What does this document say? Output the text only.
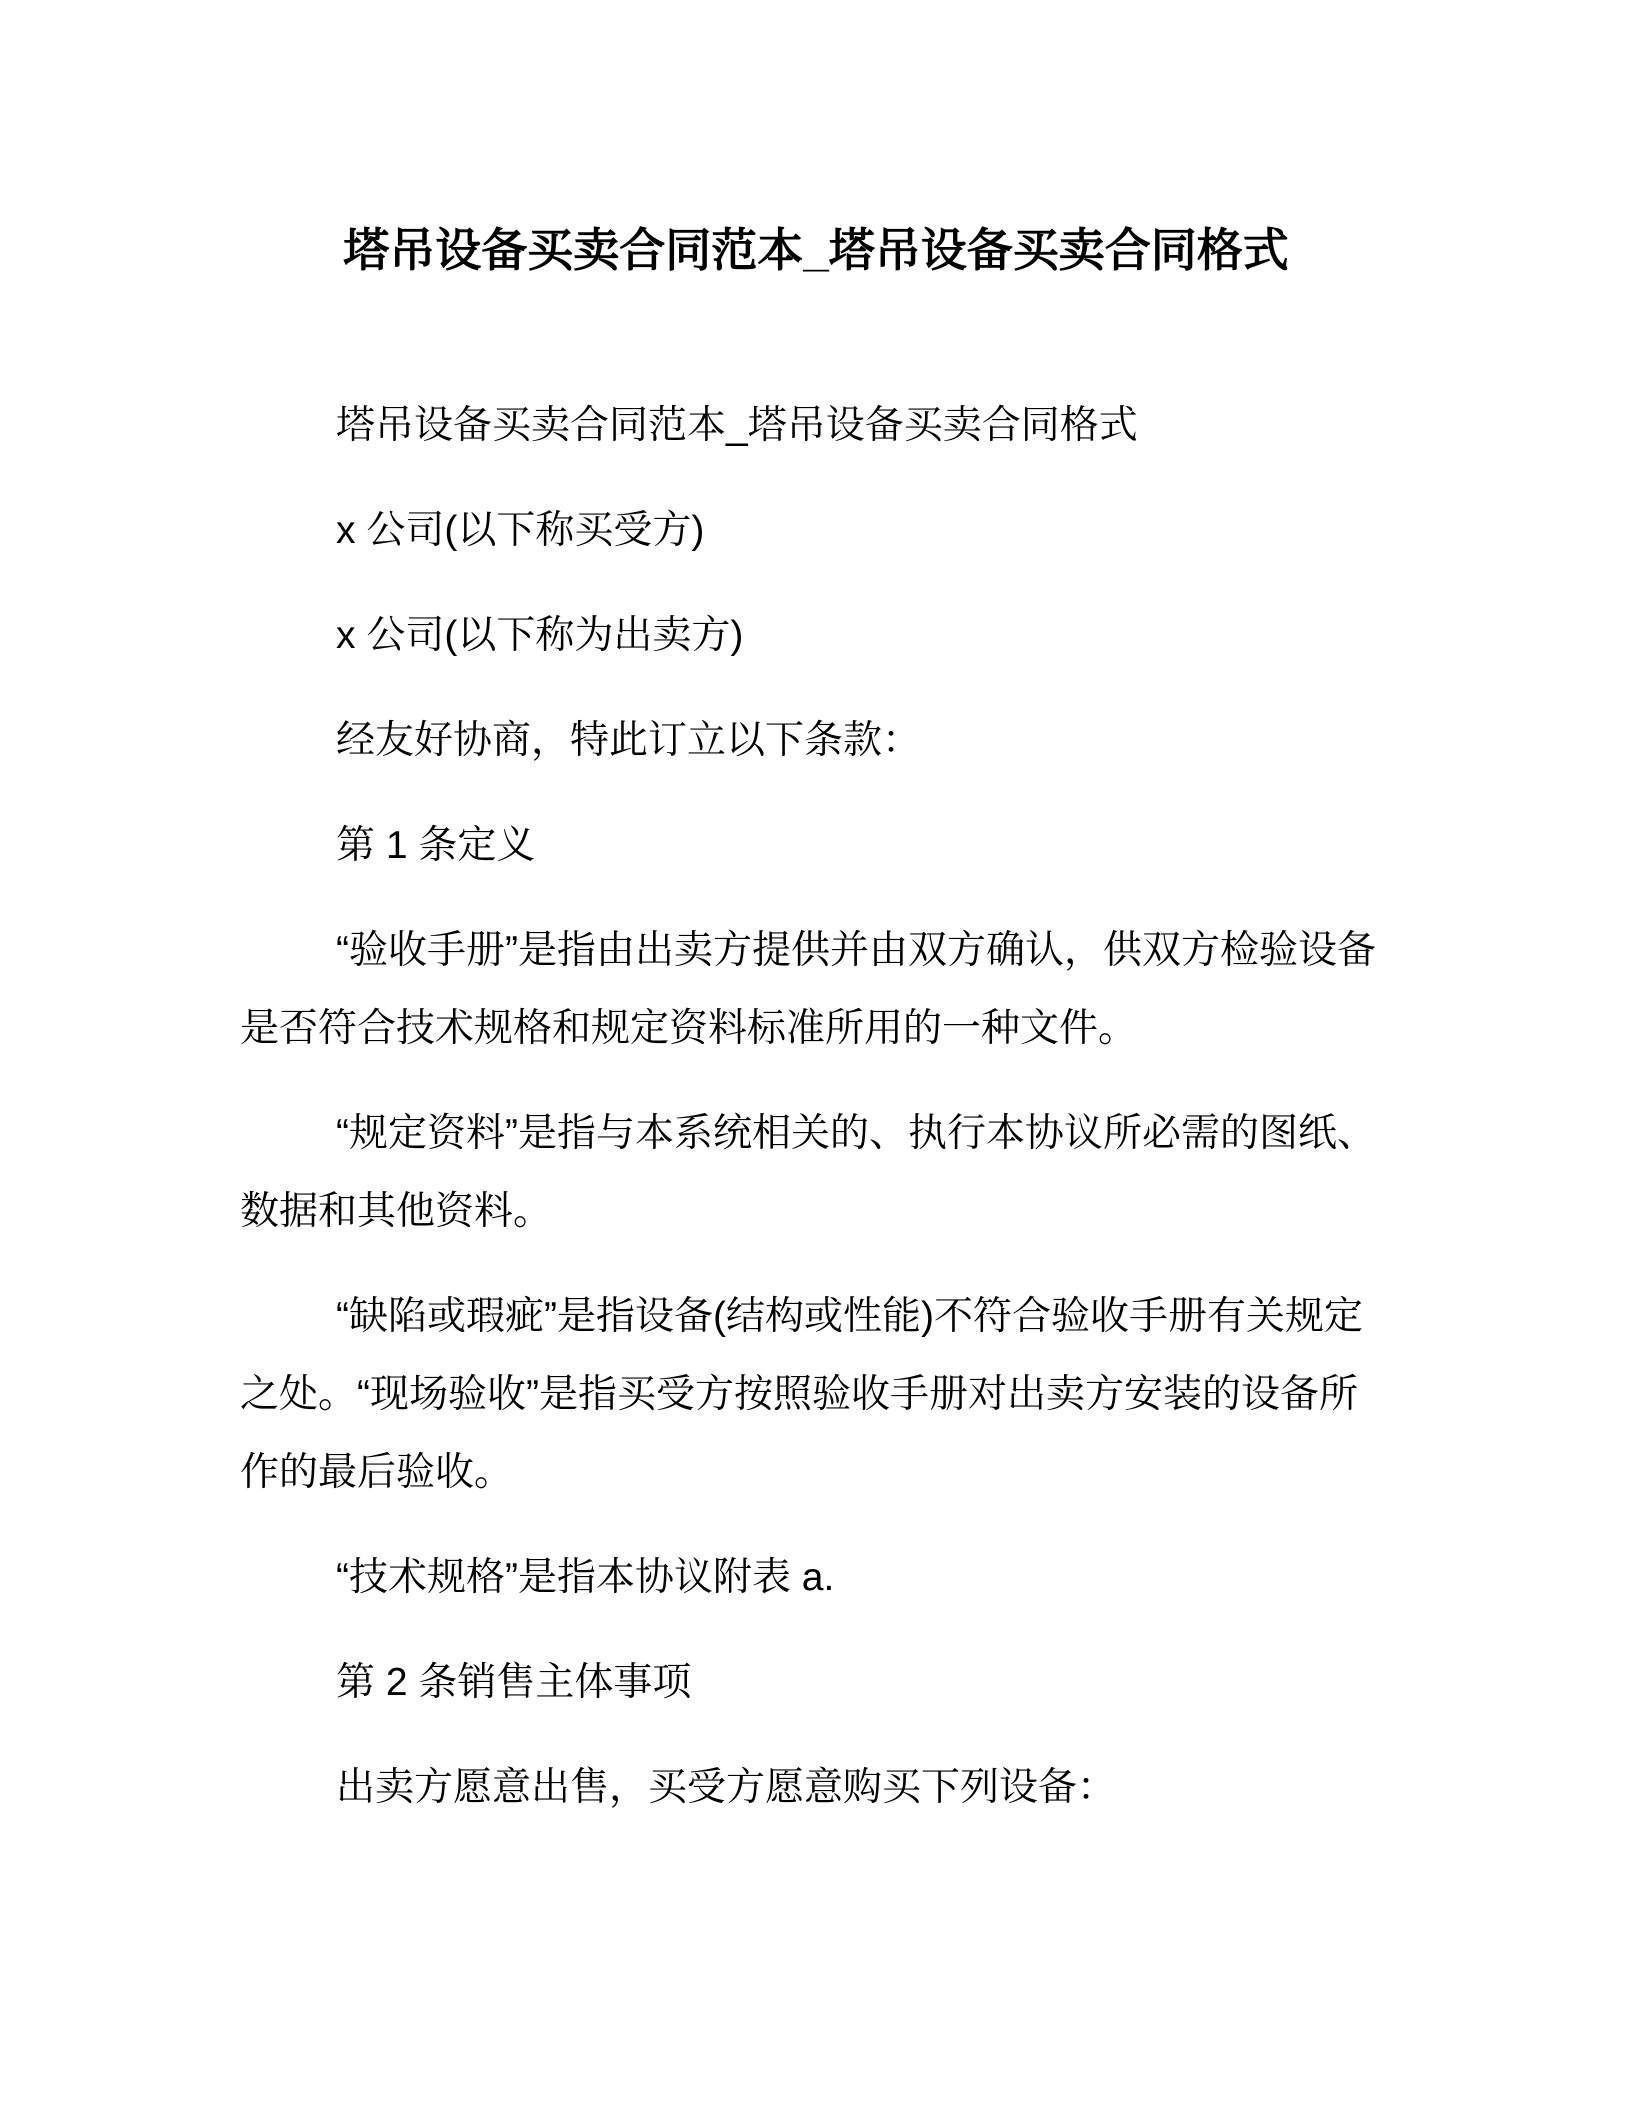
塔吊设备买卖合同范本_塔吊设备买卖合同格式
塔吊设备买卖合同范本_塔吊设备买卖合同格式
x 公司(以下称买受方)
x 公司(以下称为出卖方)
经友好协商，特此订立以下条款：
第 1 条定义
“验收手册”是指由出卖方提供并由双方确认，供双方检验设备
是否符合技术规格和规定资料标准所用的一种文件。
“规定资料”是指与本系统相关的、执行本协议所必需的图纸、
数据和其他资料。
“缺陷或瑕疵”是指设备(结构或性能)不符合验收手册有关规定
之处。“现场验收”是指买受方按照验收手册对出卖方安装的设备所
作的最后验收。
“技术规格”是指本协议附表 a.
第 2 条销售主体事项
出卖方愿意出售，买受方愿意购买下列设备：
